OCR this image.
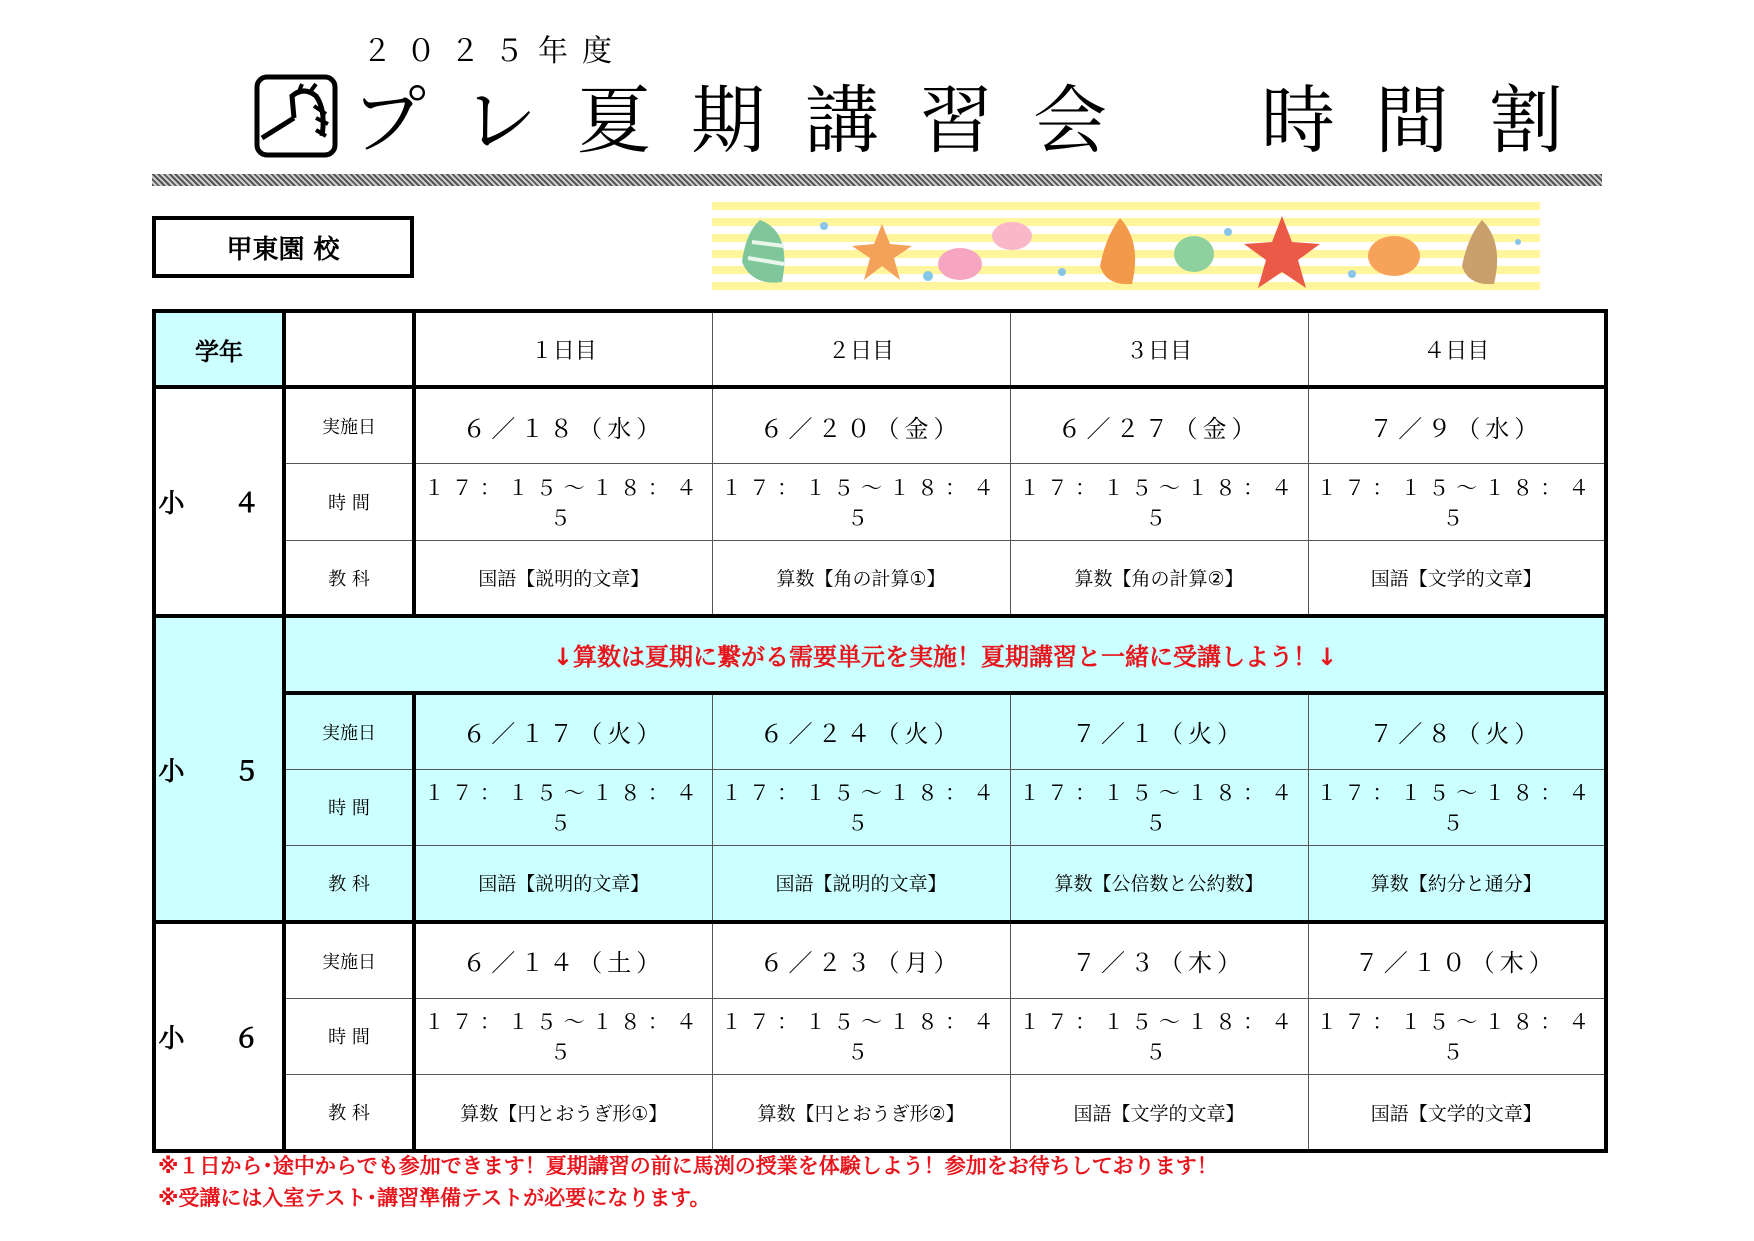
２０２５年度
プレ夏期講習会　時間割
甲東園 校
学年		１日目	２日目	３日目	４日目
小 ４	実施日	６／１８（水）	６／２０（金）	６／２７（金）	７／９（水）
	時 間	１７：１５～１８：４５	１７：１５～１８：４５	１７：１５～１８：４５	１７：１５～１８：４５
	教 科	国語【説明的文章】	算数【角の計算①】	算数【角の計算②】	国語【文学的文章】
小 ５	↓算数は夏期に繋がる需要単元を実施！夏期講習と一緒に受講しよう！↓				
	実施日	６／１７（火）	６／２４（火）	７／１（火）	７／８（火）
	時 間	１７：１５～１８：４５	１７：１５～１８：４５	１７：１５～１８：４５	１７：１５～１８：４５
	教 科	国語【説明的文章】	国語【説明的文章】	算数【公倍数と公約数】	算数【約分と通分】
小 ６	実施日	６／１４（土）	６／２３（月）	７／３（木）	７／１０（木）
	時 間	１７：１５～１８：４５	１７：１５～１８：４５	１７：１５～１８：４５	１７：１５～１８：４５
	教 科	算数【円とおうぎ形①】	算数【円とおうぎ形②】	国語【文学的文章】	国語【文学的文章】
※１日から･途中からでも参加できます！夏期講習の前に馬渕の授業を体験しよう！参加をお待ちしております！
※受講には入室テスト･講習準備テストが必要になります。
